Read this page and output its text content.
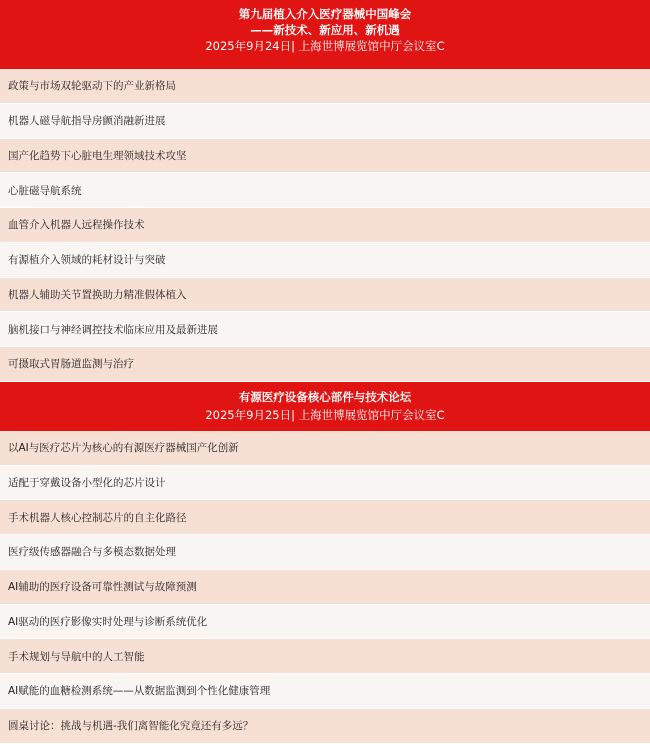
第九届植入介入医疗器械中国峰会
——新技术、新应用、新机遇
2025年9月24日| 上海世博展览馆中厅会议室C
政策与市场双轮驱动下的产业新格局
机器人磁导航指导房颤消融新进展
国产化趋势下心脏电生理领域技术攻坚
心脏磁导航系统
血管介入机器人远程操作技术
有源植介入领域的耗材设计与突破
机器人辅助关节置换助力精准假体植入
脑机接口与神经调控技术临床应用及最新进展
可摄取式胃肠道监测与治疗
有源医疗设备核心部件与技术论坛
2025年9月25日| 上海世博展览馆中厅会议室C
以AI与医疗芯片为核心的有源医疗器械国产化创新
适配于穿戴设备小型化的芯片设计
手术机器人核心控制芯片的自主化路径
医疗级传感器融合与多模态数据处理
AI辅助的医疗设备可靠性测试与故障预测
AI驱动的医疗影像实时处理与诊断系统优化
手术规划与导航中的人工智能
AI赋能的血糖检测系统——从数据监测到个性化健康管理
圆桌讨论：挑战与机遇-我们离智能化究竟还有多远？
